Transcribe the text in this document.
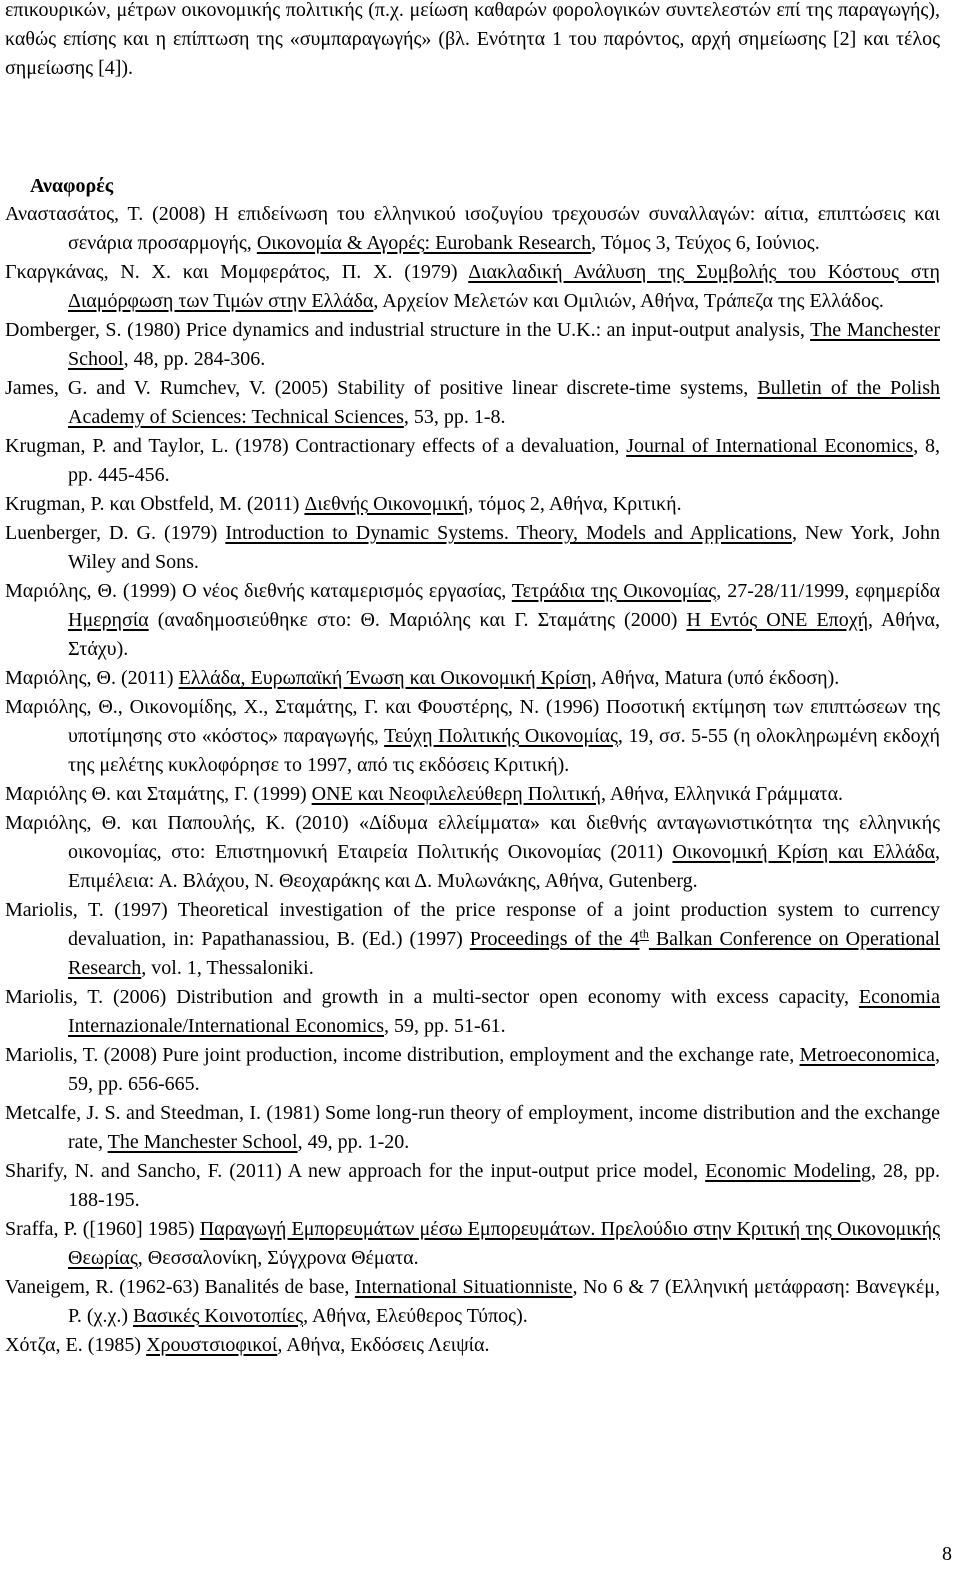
επικουρικών, μέτρων οικονομικής πολιτικής (π.χ. μείωση καθαρών φορολογικών συντελεστών επί της παραγωγής), καθώς επίσης και η επίπτωση της «συμπαραγωγής» (βλ. Ενότητα 1 του παρόντος, αρχή σημείωσης [2] και τέλος σημείωσης [4]).
Αναφορές
Αναστασάτος, Τ. (2008) Η επιδείνωση του ελληνικού ισοζυγίου τρεχουσών συναλλαγών: αίτια, επιπτώσεις και σενάρια προσαρμογής, Οικονομία & Αγορές: Eurobank Research, Τόμος 3, Τεύχος 6, Ιούνιος.
Γκαργκάνας, Ν. Χ. και Μομφεράτος, Π. Χ. (1979) Διακλαδική Ανάλυση της Συμβολής του Κόστους στη Διαμόρφωση των Τιμών στην Ελλάδα, Αρχείον Μελετών και Ομιλιών, Αθήνα, Τράπεζα της Ελλάδος.
Domberger, S. (1980) Price dynamics and industrial structure in the U.K.: an input-output analysis, The Manchester School, 48, pp. 284-306.
James, G. and V. Rumchev, V. (2005) Stability of positive linear discrete-time systems, Bulletin of the Polish Academy of Sciences: Technical Sciences, 53, pp. 1-8.
Krugman, P. and Taylor, L. (1978) Contractionary effects of a devaluation, Journal of International Economics, 8, pp. 445-456.
Krugman, P. και Obstfeld, M. (2011) Διεθνής Οικονομική, τόμος 2, Αθήνα, Κριτική.
Luenberger, D. G. (1979) Introduction to Dynamic Systems. Theory, Models and Applications, New York, John Wiley and Sons.
Μαριόλης, Θ. (1999) Ο νέος διεθνής καταμερισμός εργασίας, Τετράδια της Οικονομίας, 27-28/11/1999, εφημερίδα Ημερησία (αναδημοσιεύθηκε στο: Θ. Μαριόλης και Γ. Σταμάτης (2000) Η Εντός ΟΝΕ Εποχή, Αθήνα, Στάχυ).
Μαριόλης, Θ. (2011) Ελλάδα, Ευρωπαϊκή Ένωση και Οικονομική Κρίση, Αθήνα, Matura (υπό έκδοση).
Μαριόλης, Θ., Οικονομίδης, Χ., Σταμάτης, Γ. και Φουστέρης, Ν. (1996) Ποσοτική εκτίμηση των επιπτώσεων της υποτίμησης στο «κόστος» παραγωγής, Τεύχη Πολιτικής Οικονομίας, 19, σσ. 5-55 (η ολοκληρωμένη εκδοχή της μελέτης κυκλοφόρησε το 1997, από τις εκδόσεις Κριτική).
Μαριόλης Θ. και Σταμάτης, Γ. (1999) ΟΝΕ και Νεοφιλελεύθερη Πολιτική, Αθήνα, Ελληνικά Γράμματα.
Μαριόλης, Θ. και Παπουλής, Κ. (2010) «Δίδυμα ελλείμματα» και διεθνής ανταγωνιστικότητα της ελληνικής οικονομίας, στο: Επιστημονική Εταιρεία Πολιτικής Οικονομίας (2011) Οικονομική Κρίση και Ελλάδα, Επιμέλεια: Α. Βλάχου, Ν. Θεοχαράκης και Δ. Μυλωνάκης, Αθήνα, Gutenberg.
Mariolis, T. (1997) Theoretical investigation of the price response of a joint production system to currency devaluation, in: Papathanassiou, B. (Ed.) (1997) Proceedings of the 4th Balkan Conference on Operational Research, vol. 1, Thessaloniki.
Mariolis, T. (2006) Distribution and growth in a multi-sector open economy with excess capacity, Economia Internazionale/International Economics, 59, pp. 51-61.
Mariolis, T. (2008) Pure joint production, income distribution, employment and the exchange rate, Metroeconomica, 59, pp. 656-665.
Metcalfe, J. S. and Steedman, I. (1981) Some long-run theory of employment, income distribution and the exchange rate, The Manchester School, 49, pp. 1-20.
Sharify, N. and Sancho, F. (2011) A new approach for the input-output price model, Economic Modeling, 28, pp. 188-195.
Sraffa, P. ([1960] 1985) Παραγωγή Εμπορευμάτων μέσω Εμπορευμάτων. Πρελούδιο στην Κριτική της Οικονομικής Θεωρίας, Θεσσαλονίκη, Σύγχρονα Θέματα.
Vaneigem, R. (1962-63) Banalités de base, International Situationniste, No 6 & 7 (Ελληνική μετάφραση: Βανεγκέμ, Ρ. (χ.χ.) Βασικές Κοινοτοπίες, Αθήνα, Ελεύθερος Τύπος).
Χότζα, Ε. (1985) Χρουστσιοφικοί, Αθήνα, Εκδόσεις Λειψία.
8
